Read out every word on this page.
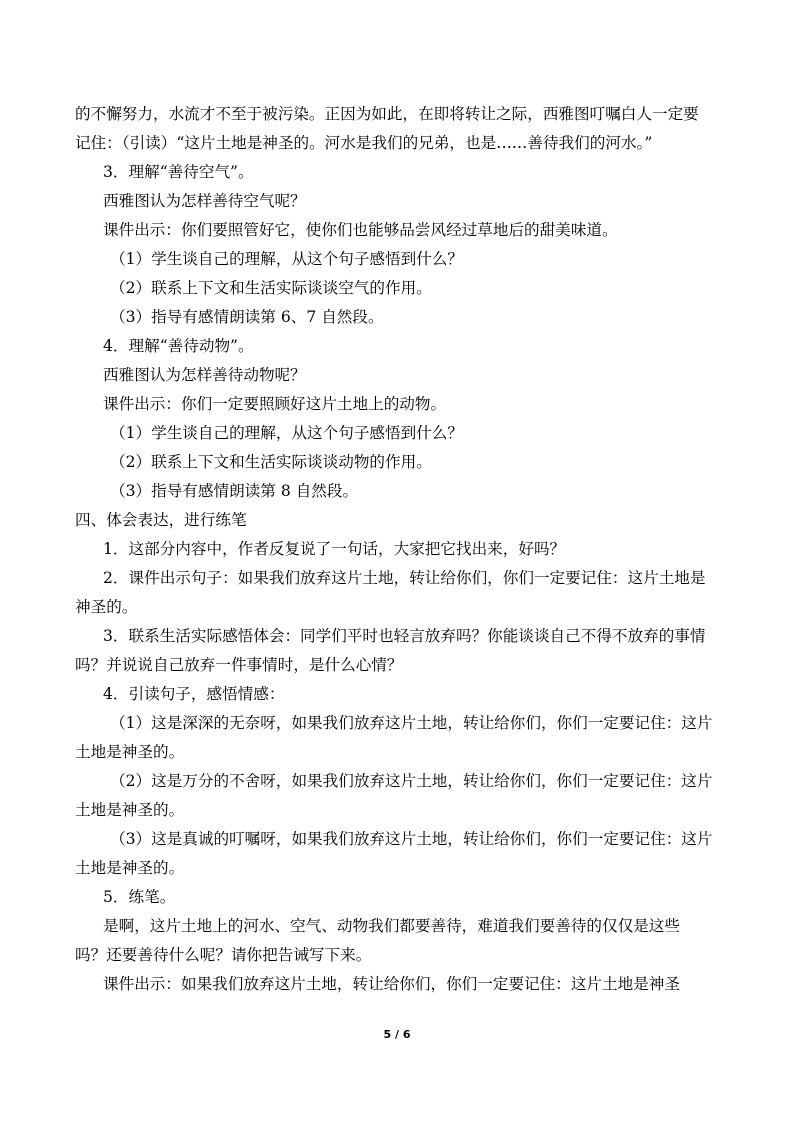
的不懈努力，水流才不至于被污染。正因为如此，在即将转让之际，西雅图叮嘱白人一定要
记住：（引读）“这片土地是神圣的。河水是我们的兄弟，也是……善待我们的河水。”
3．理解“善待空气”。
西雅图认为怎样善待空气呢？
课件出示：你们要照管好它，使你们也能够品尝风经过草地后的甜美味道。
（1）学生谈自己的理解，从这个句子感悟到什么？
（2）联系上下文和生活实际谈谈空气的作用。
（3）指导有感情朗读第 6、7 自然段。
4．理解“善待动物”。
西雅图认为怎样善待动物呢？
课件出示：你们一定要照顾好这片土地上的动物。
（1）学生谈自己的理解，从这个句子感悟到什么？
（2）联系上下文和生活实际谈谈动物的作用。
（3）指导有感情朗读第 8 自然段。
四、体会表达，进行练笔
1．这部分内容中，作者反复说了一句话，大家把它找出来，好吗？
2．课件出示句子：如果我们放弃这片土地，转让给你们，你们一定要记住：这片土地是
神圣的。
3．联系生活实际感悟体会：同学们平时也轻言放弃吗？你能谈谈自己不得不放弃的事情
吗？并说说自己放弃一件事情时，是什么心情？
4．引读句子，感悟情感：
（1）这是深深的无奈呀，如果我们放弃这片土地，转让给你们，你们一定要记住：这片
土地是神圣的。
（2）这是万分的不舍呀，如果我们放弃这片土地，转让给你们，你们一定要记住：这片
土地是神圣的。
（3）这是真诚的叮嘱呀，如果我们放弃这片土地，转让给你们，你们一定要记住：这片
土地是神圣的。
5．练笔。
是啊，这片土地上的河水、空气、动物我们都要善待，难道我们要善待的仅仅是这些
吗？还要善待什么呢？请你把告诫写下来。
课件出示：如果我们放弃这片土地，转让给你们，你们一定要记住：这片土地是神圣
5 / 6
